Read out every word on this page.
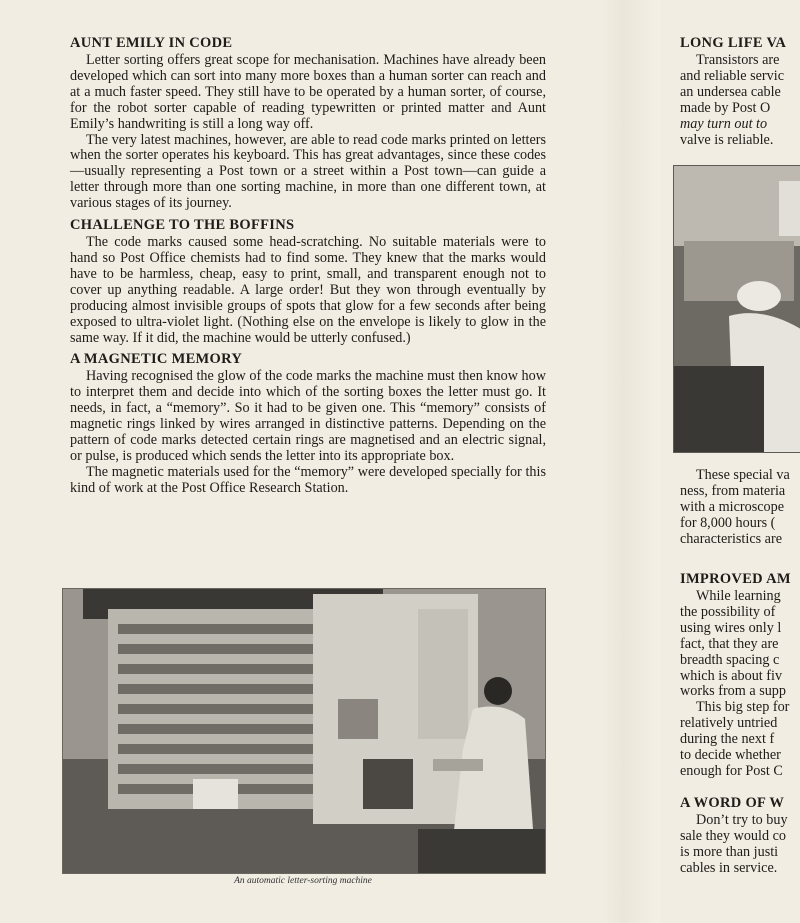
AUNT EMILY IN CODE

Letter sorting offers great scope for mechanisation. Machines have already been developed which can sort into many more boxes than a human sorter can reach and at a much faster speed. They still have to be operated by a human sorter, of course, for the robot sorter capable of reading typewritten or printed matter and Aunt Emily’s handwriting is still a long way off.

The very latest machines, however, are able to read code marks printed on letters when the sorter operates his keyboard. This has great advantages, since these codes—usually representing a Post town or a street within a Post town—can guide a letter through more than one sorting machine, in more than one different town, at various stages of its journey.

CHALLENGE TO THE BOFFINS

The code marks caused some head-scratching. No suitable materials were to hand so Post Office chemists had to find some. They knew that the marks would have to be harmless, cheap, easy to print, small, and transparent enough not to cover up anything readable. A large order! But they won through eventually by producing almost invisible groups of spots that glow for a few seconds after being exposed to ultra-violet light. (Nothing else on the envelope is likely to glow in the same way. If it did, the machine would be utterly confused.)

A MAGNETIC MEMORY

Having recognised the glow of the code marks the machine must then know how to interpret them and decide into which of the sorting boxes the letter must go. It needs, in fact, a “memory”. So it had to be given one. This “memory” consists of magnetic rings linked by wires arranged in distinctive patterns. Depending on the pattern of code marks detected certain rings are magnetised and an electric signal, or pulse, is produced which sends the letter into its appropriate box.

The magnetic materials used for the “memory” were developed specially for this kind of work at the Post Office Research Station.

An automatic letter-sorting machine
LONG LIFE VA

Transistors are

and reliable servic

an undersea cable

made by Post O

may turn out to

valve is reliable.

These special va

ness, from materia

with a microscope

for 8,000 hours (

characteristics are

IMPROVED AM

While learning

the possibility of

using wires only l

fact, that they are

breadth spacing c

which is about fiv

works from a supp

This big step for

relatively untried

during the next f

to decide whether

enough for Post C

A WORD OF W

Don’t try to buy

sale they would co

is more than justi

cables in service.
